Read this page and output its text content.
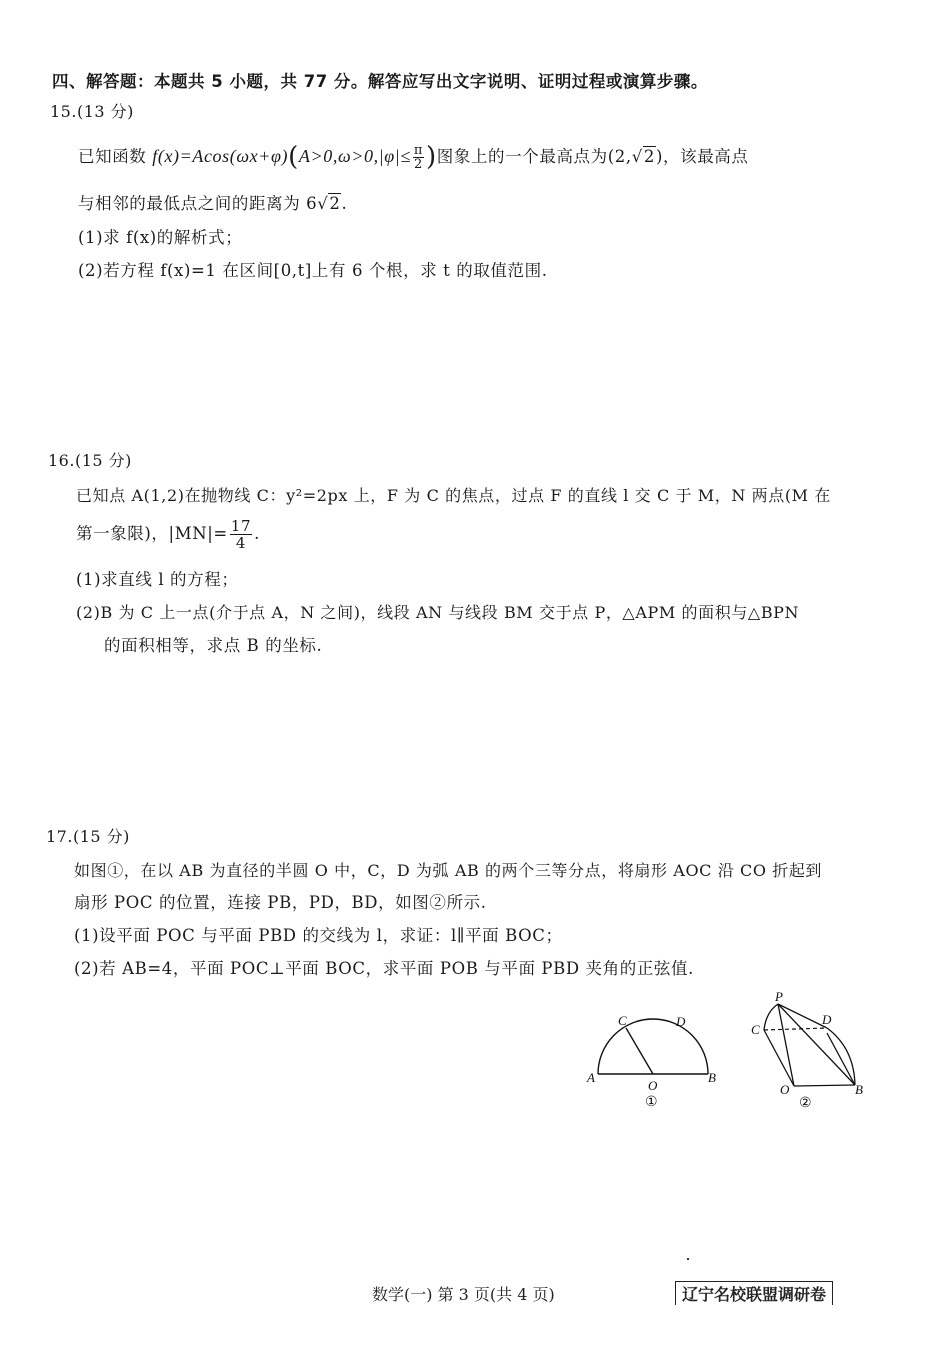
四、解答题：本题共 5 小题，共 77 分。解答应写出文字说明、证明过程或演算步骤。
15.(13 分)
已知函数 $f(x)=Acos(\omega x+\varphi)(A>0,\omega>0,|\varphi|\le \frac{\pi}{2}$ )图象上的一个最高点为(2,√2)，该最高点
与相邻的最低点之间的距离为 6√2.
(1)求 f(x)的解析式；
(2)若方程 f(x)=1 在区间[0,t]上有 6 个根，求 t 的取值范围.
16.(15 分)
已知点 A(1,2)在抛物线 C：y²=2px 上，F 为 C 的焦点，过点 F 的直线 l 交 C 于 M，N 两点(M 在
第一象限)，$|MN|= \frac{17}{4}$ .
(1)求直线 l 的方程；
(2)B 为 C 上一点(介于点 A，N 之间)，线段 AN 与线段 BM 交于点 P，△APM 的面积与△BPN
的面积相等，求点 B 的坐标.
17.(15 分)
如图①，在以 AB 为直径的半圆 O 中，C，D 为弧 AB 的两个三等分点，将扇形 AOC 沿 CO 折起到
扇形 POC 的位置，连接 PB，PD，BD，如图②所示.
(1)设平面 POC 与平面 PBD 的交线为 l，求证：l∥平面 BOC；
(2)若 AB=4，平面 POC⊥平面 BOC，求平面 POB 与平面 PBD 夹角的正弦值.
A
O
B
C	D
①
P
C
D
O	B
②
数学(一) 第 3 页(共 4 页)	辽宁名校联盟调研卷
